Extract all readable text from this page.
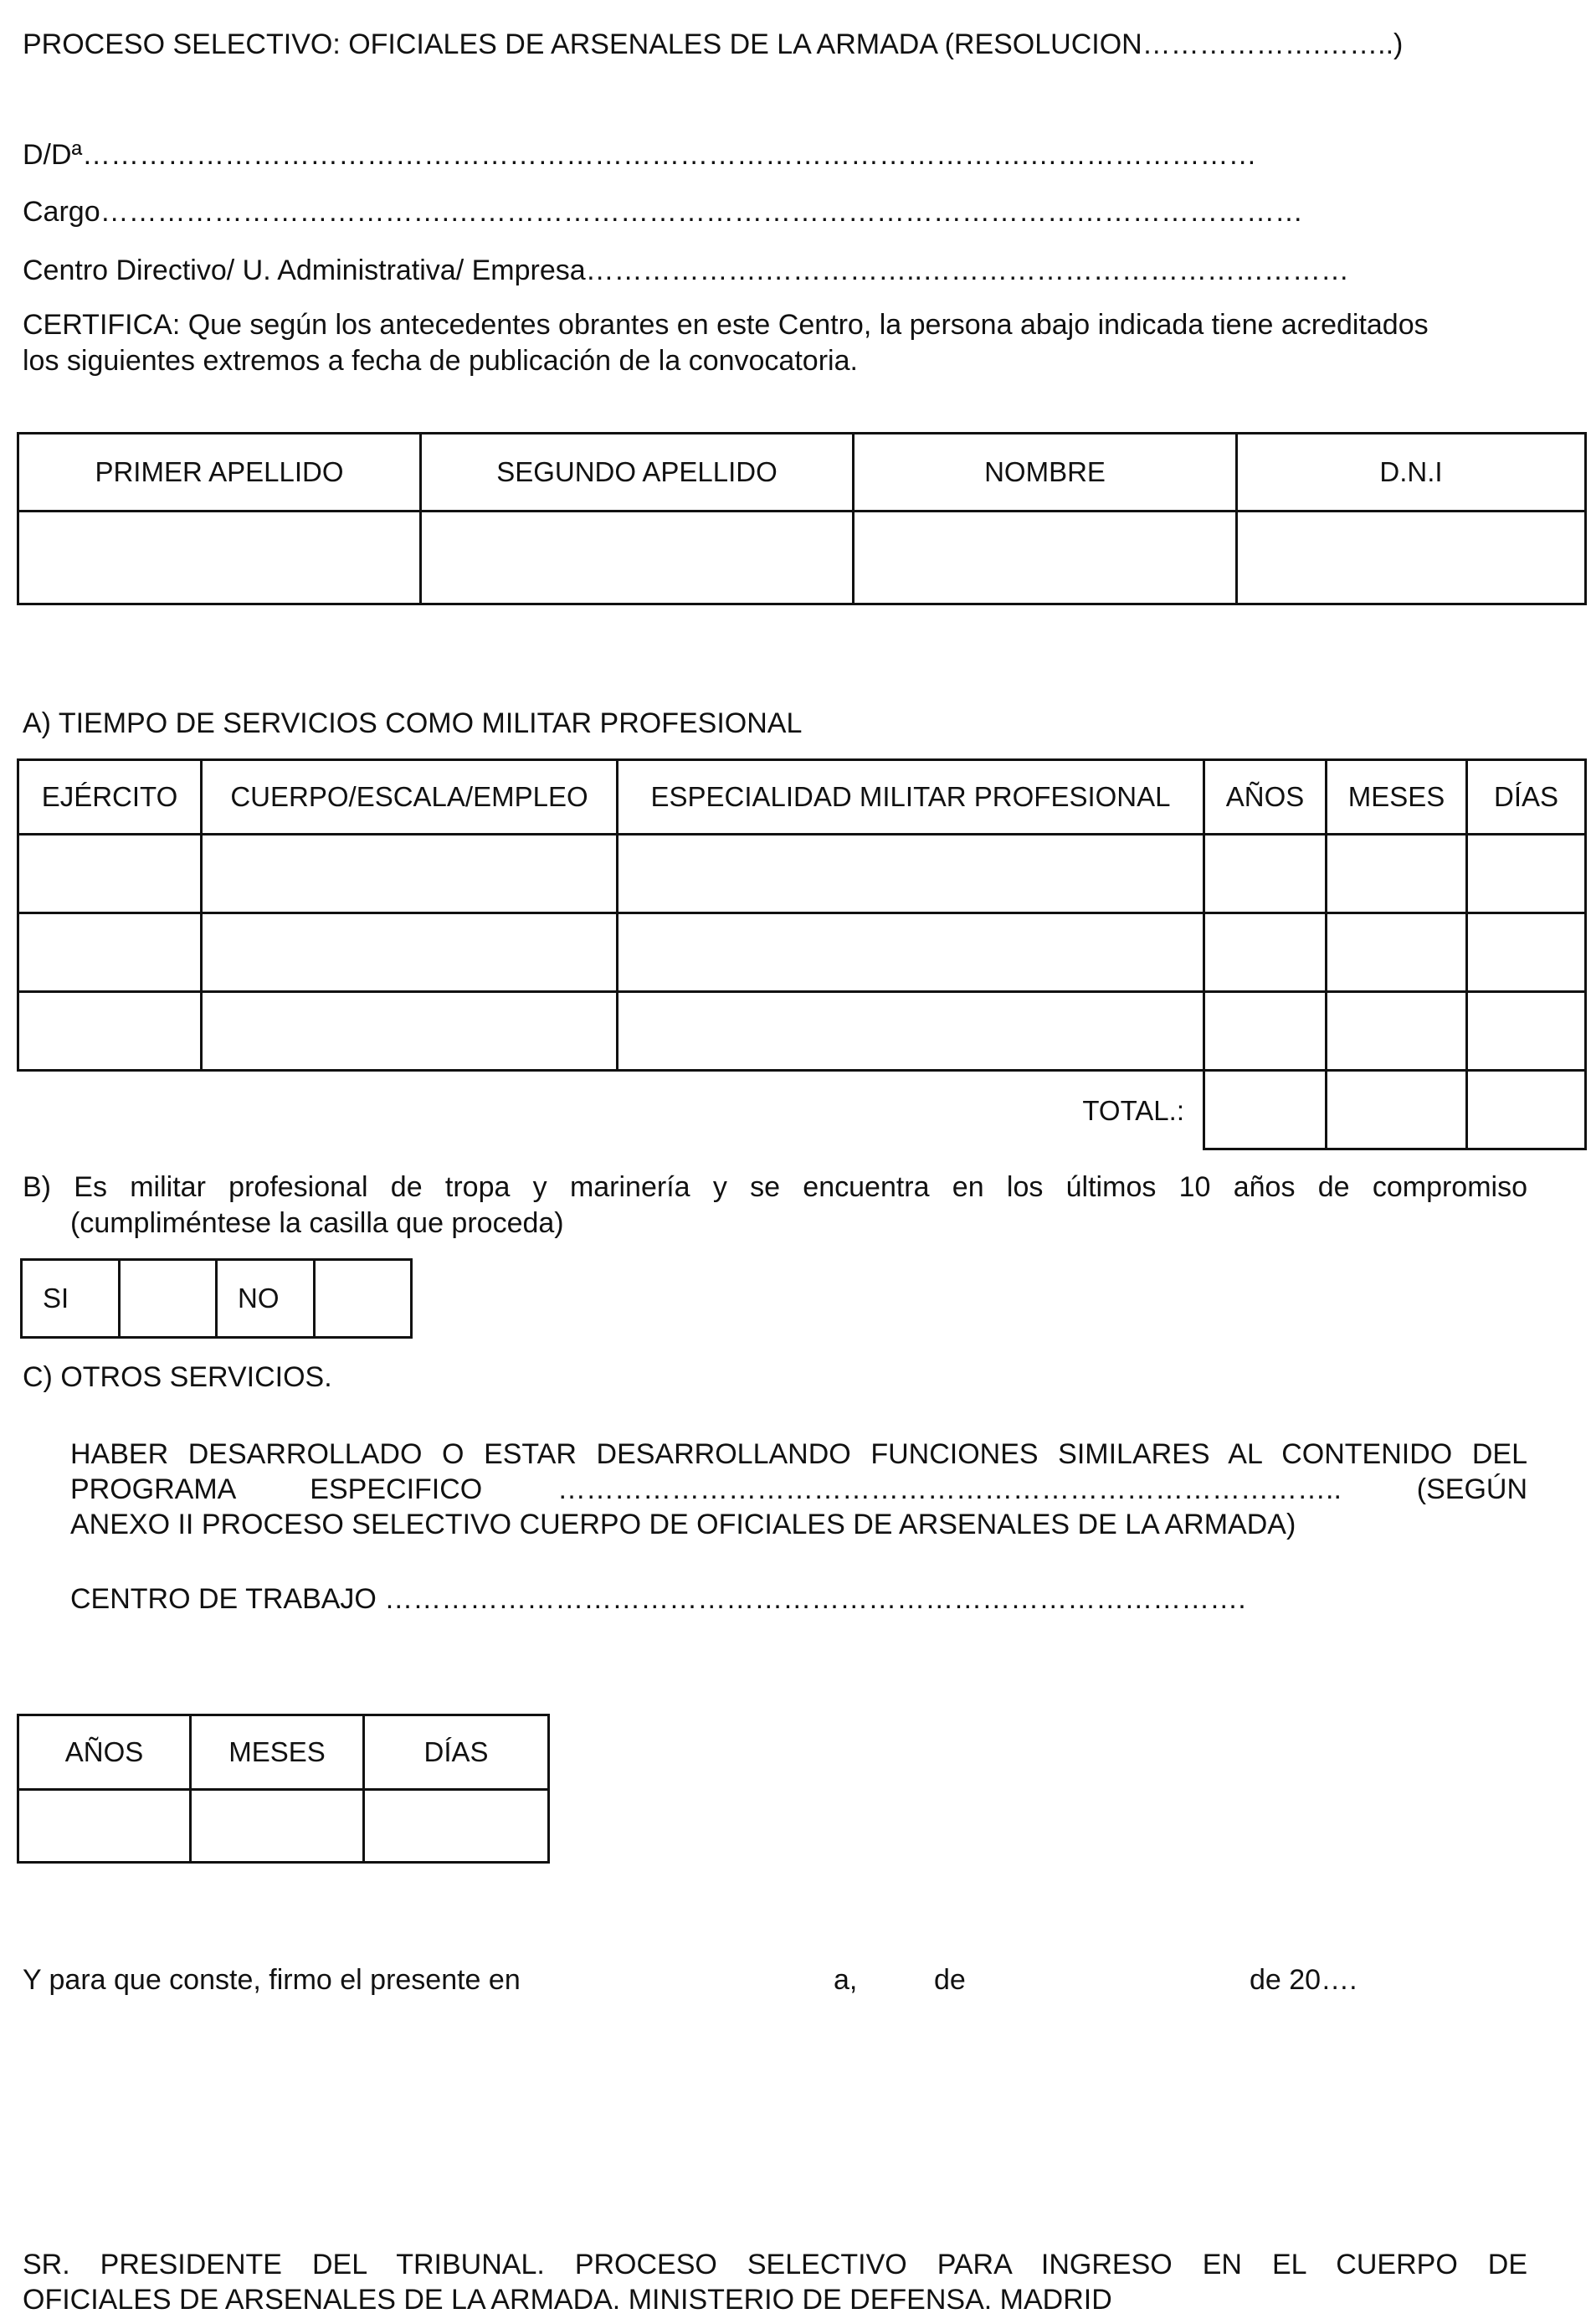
PROCESO SELECTIVO: OFICIALES DE ARSENALES DE LA ARMADA (RESOLUCION……………….……..)
D/Dª……………………………………………………………………………………….……………………
Cargo……………………………….………………………………………………………………………………
Centro Directivo/ U. Administrativa/ Empresa……………….……………..………………………………………
CERTIFICA: Que según los antecedentes obrantes en este Centro, la persona abajo indicada tiene acreditados
los siguientes extremos a fecha de publicación de la convocatoria.
PRIMER APELLIDO	SEGUNDO APELLIDO	NOMBRE	D.N.I

A) TIEMPO DE SERVICIOS COMO MILITAR PROFESIONAL
EJÉRCITO	CUERPO/ESCALA/EMPLEO	ESPECIALIDAD MILITAR PROFESIONAL	AÑOS	MESES	DÍAS

TOTAL.:					
B) Es militar profesional de tropa y marinería y se encuentra en los últimos 10 años de compromiso
(cumpliméntese la casilla que proceda)
SI		NO	
C) OTROS SERVICIOS.
HABER DESARROLLADO O ESTAR DESARROLLANDO FUNCIONES SIMILARES AL CONTENIDO DEL
PROGRAMA ESPECIFICO ……………………………………………………………………….. (SEGÚN
ANEXO II PROCESO SELECTIVO CUERPO DE OFICIALES DE ARSENALES DE LA ARMADA)
CENTRO DE TRABAJO ……………………………………………………………………………….
AÑOS	MESES	DÍAS

Y para que conste, firmo el presente en	a,	de	de 20….
SR. PRESIDENTE DEL TRIBUNAL. PROCESO SELECTIVO PARA INGRESO EN EL CUERPO DE
OFICIALES DE ARSENALES DE LA ARMADA. MINISTERIO DE DEFENSA. MADRID
